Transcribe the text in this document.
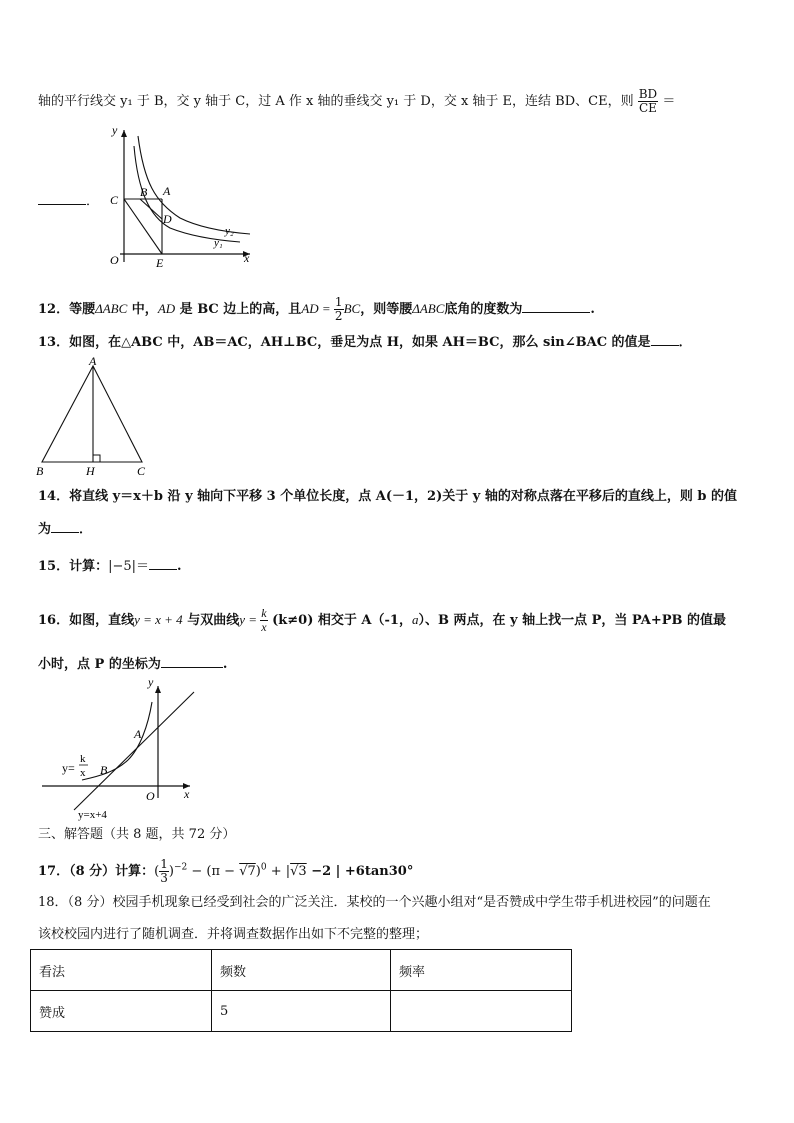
轴的平行线交 y₁ 于 B，交 y 轴于 C，过 A 作 x 轴的垂线交 y₁ 于 D，交 x 轴于 E，连结 BD、CE，则 $\frac{BD}{CE}$ ＝
．
y
x
O
C
B A
D
E
y₂
y₁
12．等腰ΔABC 中，AD 是 BC 边上的高，且AD = $\frac{1}{2}$ BC，则等腰ΔABC底角的度数为	.
13．如图，在△ABC 中，AB＝AC，AH⊥BC，垂足为点 H，如果 AH＝BC，那么 sin∠BAC 的值是 ．
A
B	H	C
14．将直线 y＝x＋b 沿 y 轴向下平移 3 个单位长度，点 A(－1，2)关于 y 轴的对称点落在平移后的直线上，则 b 的值
为 ．
15．计算：|−5|＝ .
16．如图，直线y = x + 4 与双曲线$y = \frac{k}{x} (k\ne 0)$ 相交于 A（-1，a）、B 两点，在 y 轴上找一点 P，当 PA+PB 的值最
小时，点 P 的坐标为	.
y
x
O
A
B
y=
k
x
y=x+4
三、解答题（共 8 题，共 72 分）
17．（8 分）计算：( $\frac{1}{3} )^{-2} - (\pi - √7)^0 + |√3 -2$ | +6tan30°
18．（8 分）校园手机现象已经受到社会的广泛关注．某校的一个兴趣小组对“是否赞成中学生带手机进校园”的问题在
该校校园内进行了随机调查．并将调查数据作出如下不完整的整理；
看法	频数	频率
赞成	5	
